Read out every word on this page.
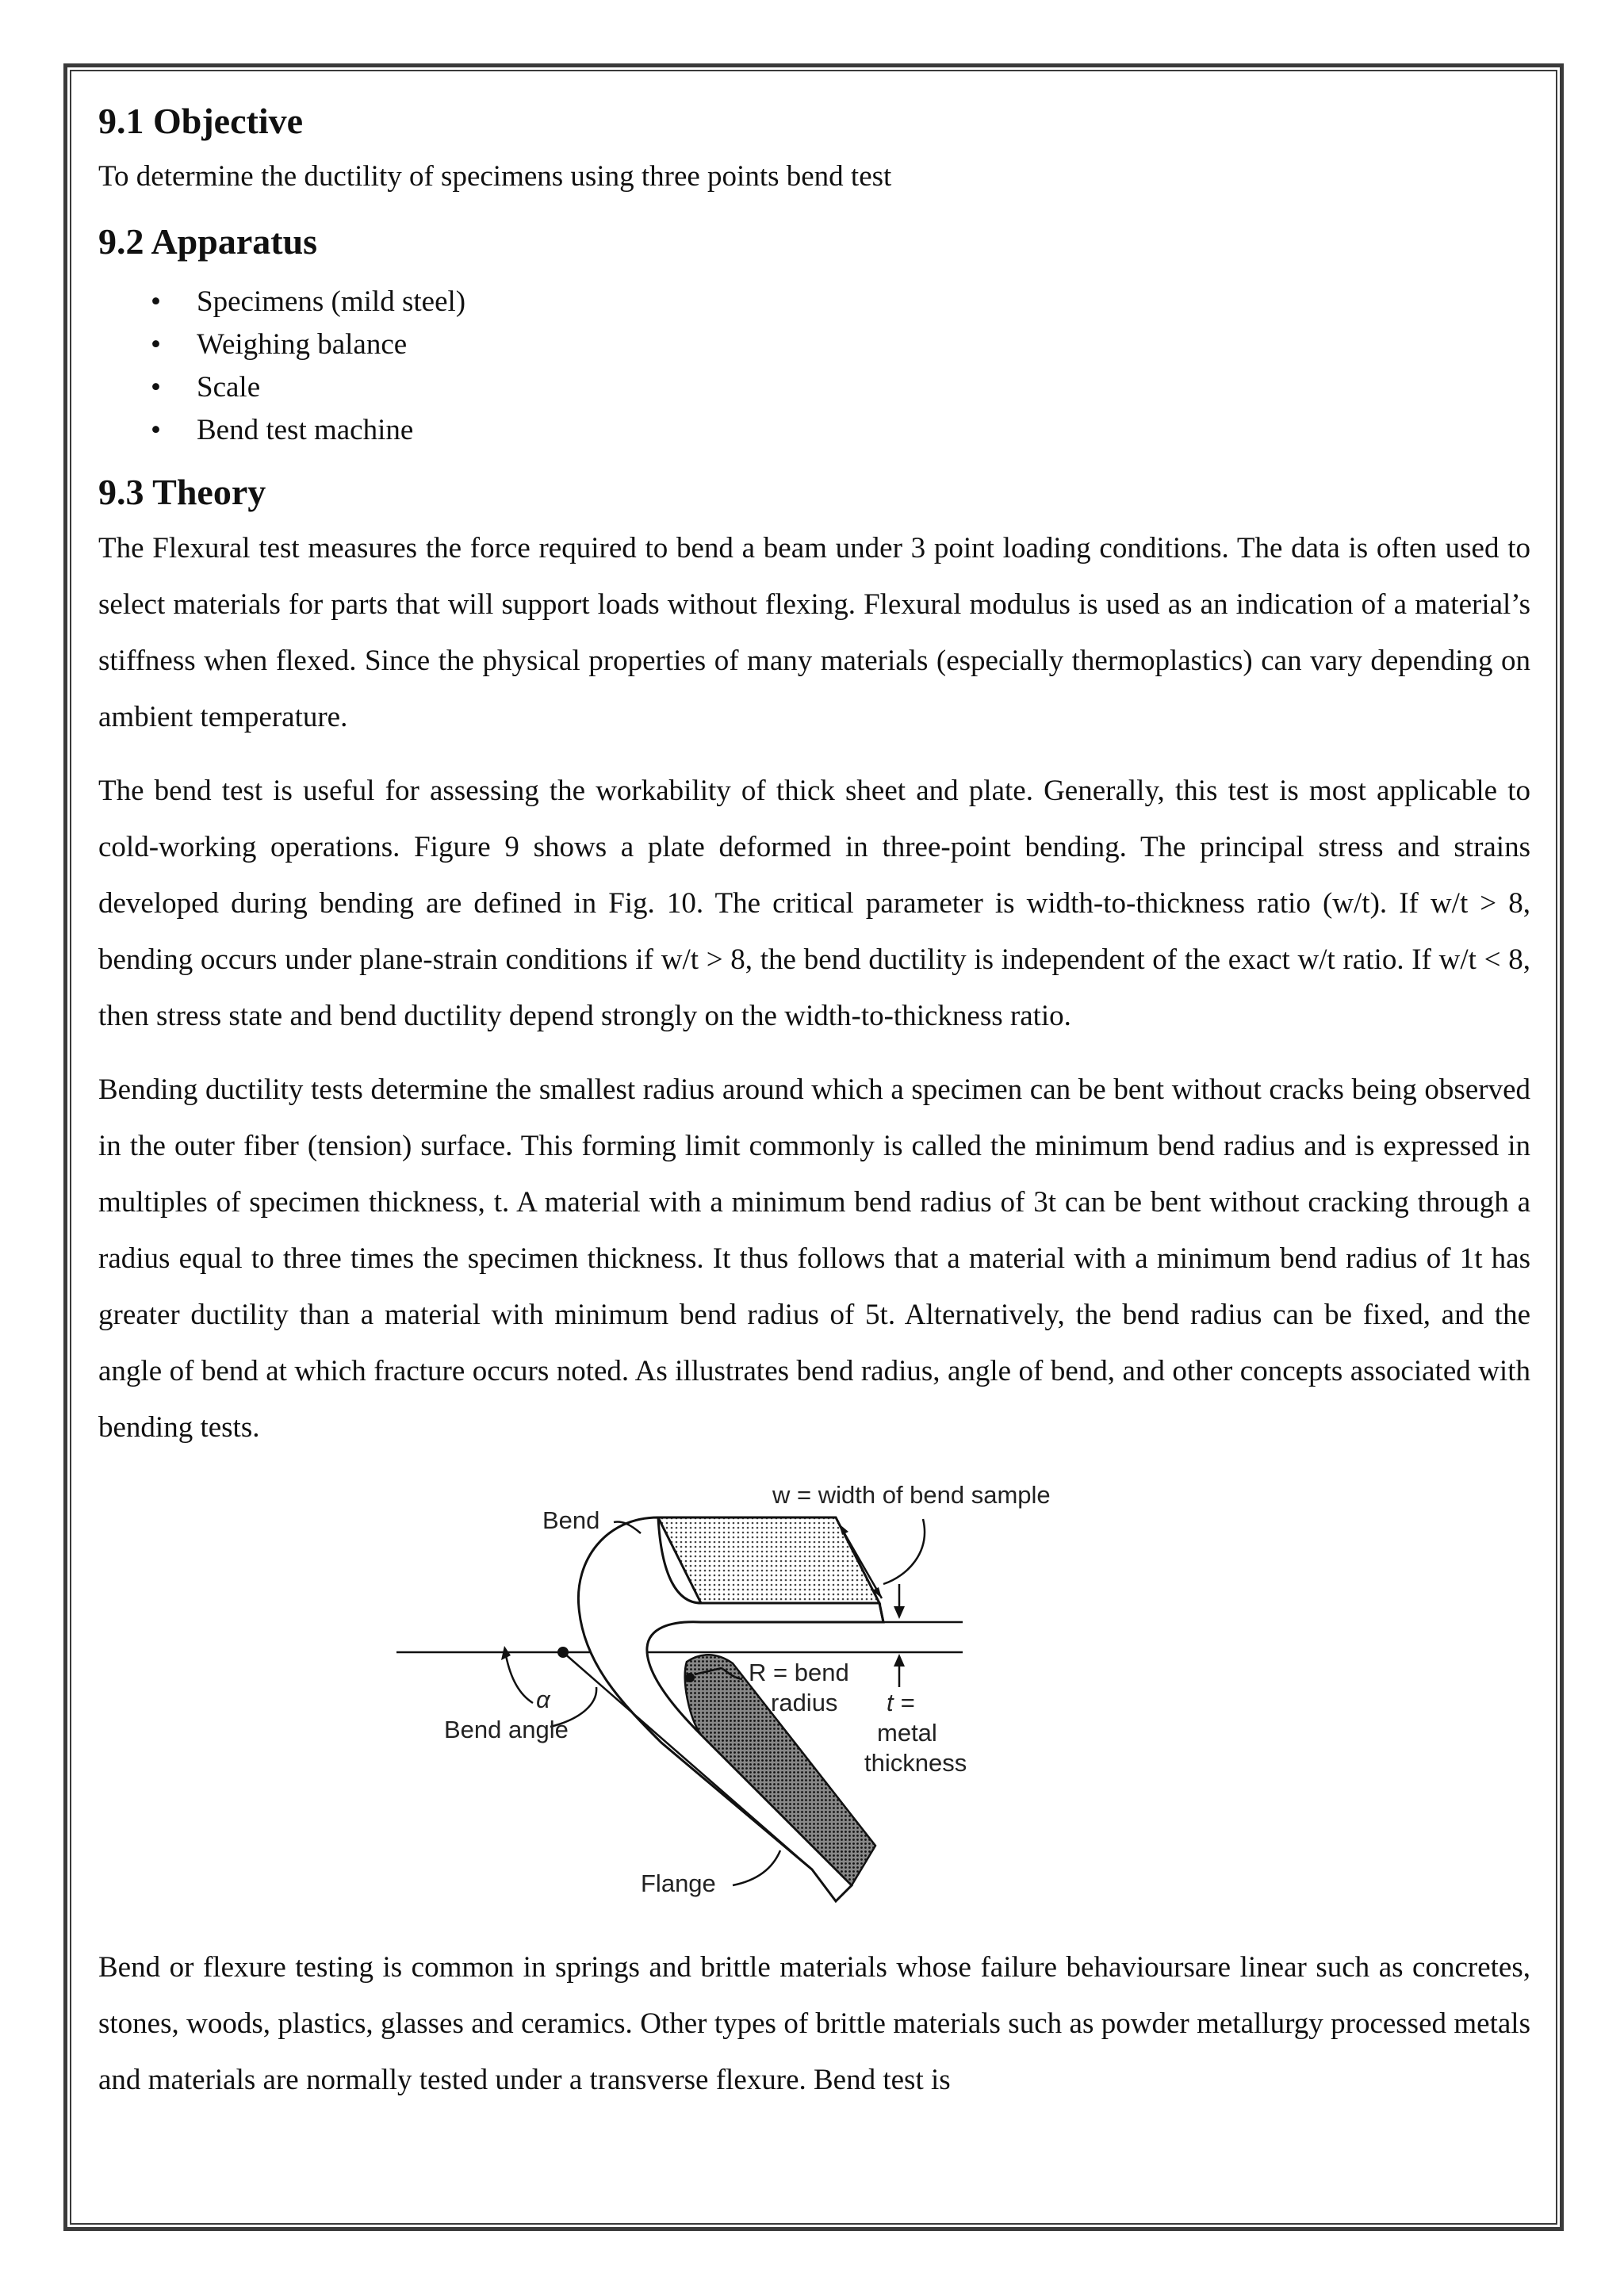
9.1 Objective

To determine the ductility of specimens using three points bend test

9.2 Apparatus
• Specimens (mild steel)
• Weighing balance
• Scale
• Bend test machine
9.3 Theory

The Flexural test measures the force required to bend a beam under 3 point loading conditions. The data is often used to select materials for parts that will support loads without flexing. Flexural modulus is used as an indication of a material’s stiffness when flexed. Since the physical properties of many materials (especially thermoplastics) can vary depending on ambient temperature.

The bend test is useful for assessing the workability of thick sheet and plate. Generally, this test is most applicable to cold-working operations. Figure 9 shows a plate deformed in three-point bending. The principal stress and strains developed during bending are defined in Fig. 10. The critical parameter is width-to-thickness ratio (w/t). If w/t > 8, bending occurs under plane-strain conditions if w/t > 8, the bend ductility is independent of the exact w/t ratio. If w/t < 8, then stress state and bend ductility depend strongly on the width-to-thickness ratio.

Bending ductility tests determine the smallest radius around which a specimen can be bent without cracks being observed in the outer fiber (tension) surface. This forming limit commonly is called the minimum bend radius and is expressed in multiples of specimen thickness, t. A material with a minimum bend radius of 3t can be bent without cracking through a radius equal to three times the specimen thickness. It thus follows that a material with a minimum bend radius of 1t has greater ductility than a material with minimum bend radius of 5t. Alternatively, the bend radius can be fixed, and the angle of bend at which fracture occurs noted. As illustrates bend radius, angle of bend, and other concepts associated with bending tests.

w = width of bend sample
Bend
α
Bend angle
R = bend
radius t =
metal
thickness
Flange

Bend or flexure testing is common in springs and brittle materials whose failure behavioursare linear such as concretes, stones, woods, plastics, glasses and ceramics. Other types of brittle materials such as powder metallurgy processed metals and materials are normally tested under a transverse flexure. Bend test is
